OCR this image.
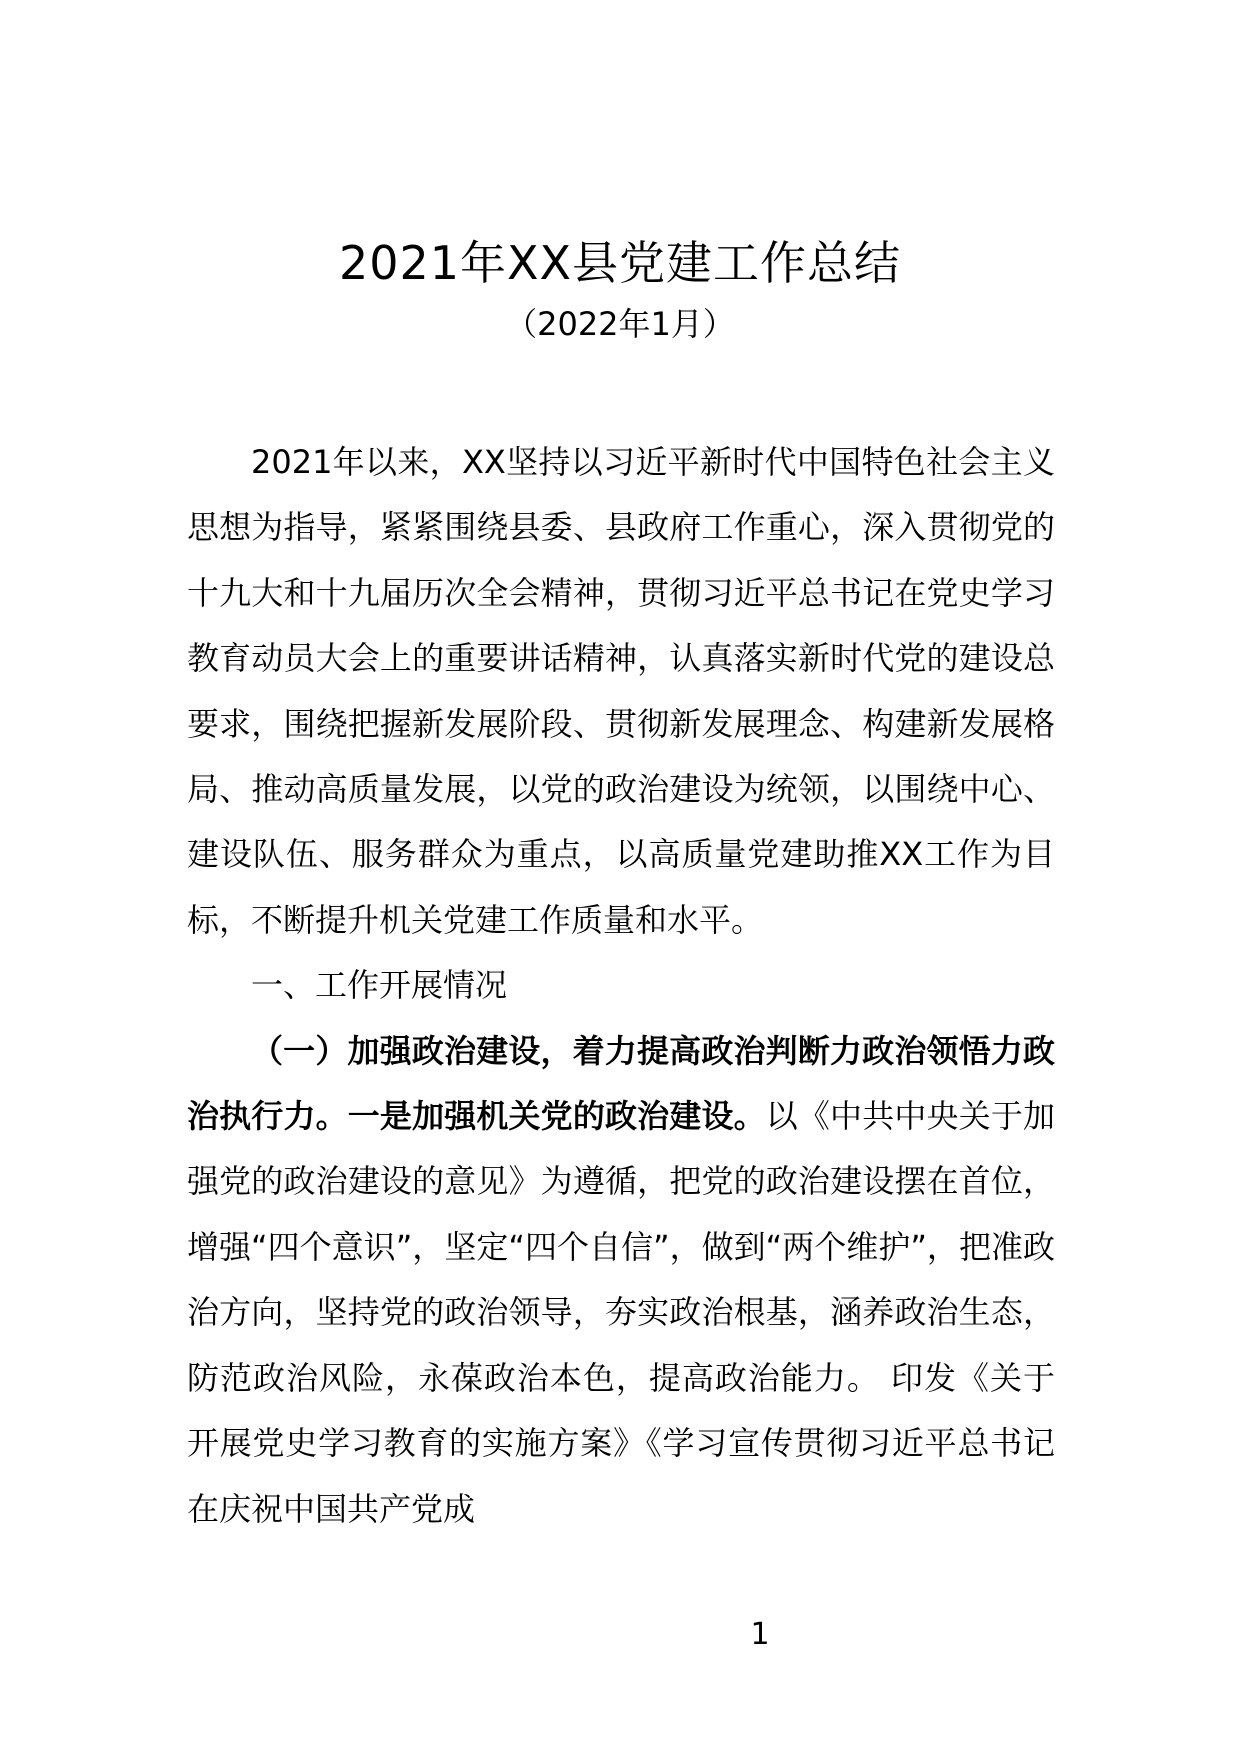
2021年XX县党建工作总结
（2022年1月）

2021年以来，XX坚持以习近平新时代中国特色社会主义思想为指导，紧紧围绕县委、县政府工作重心，深入贯彻党的十九大和十九届历次全会精神，贯彻习近平总书记在党史学习教育动员大会上的重要讲话精神，认真落实新时代党的建设总要求，围绕把握新发展阶段、贯彻新发展理念、构建新发展格局、推动高质量发展，以党的政治建设为统领，以围绕中心、建设队伍、服务群众为重点，以高质量党建助推XX工作为目标，不断提升机关党建工作质量和水平。

一、工作开展情况

（一）加强政治建设，着力提高政治判断力政治领悟力政治执行力。一是加强机关党的政治建设。以《中共中央关于加强党的政治建设的意见》为遵循，把党的政治建设摆在首位，增强“四个意识”，坚定“四个自信”，做到“两个维护”，把准政治方向，坚持党的政治领导，夯实政治根基，涵养政治生态，防范政治风险，永葆政治本色，提高政治能力。 印发《关于开展党史学习教育的实施方案》《学习宣传贯彻习近平总书记在庆祝中国共产党成

1
